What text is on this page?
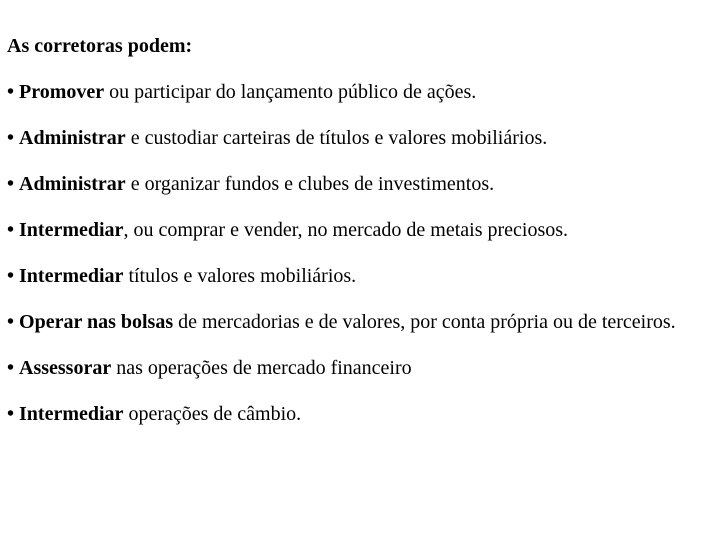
As corretoras podem:
• Promover ou participar do lançamento público de ações.
• Administrar e custodiar carteiras de títulos e valores mobiliários.
• Administrar e organizar fundos e clubes de investimentos.
• Intermediar, ou comprar e vender, no mercado de metais preciosos.
• Intermediar títulos e valores mobiliários.
• Operar nas bolsas de mercadorias e de valores, por conta própria ou de terceiros.
• Assessorar nas operações de mercado financeiro
• Intermediar operações de câmbio.
